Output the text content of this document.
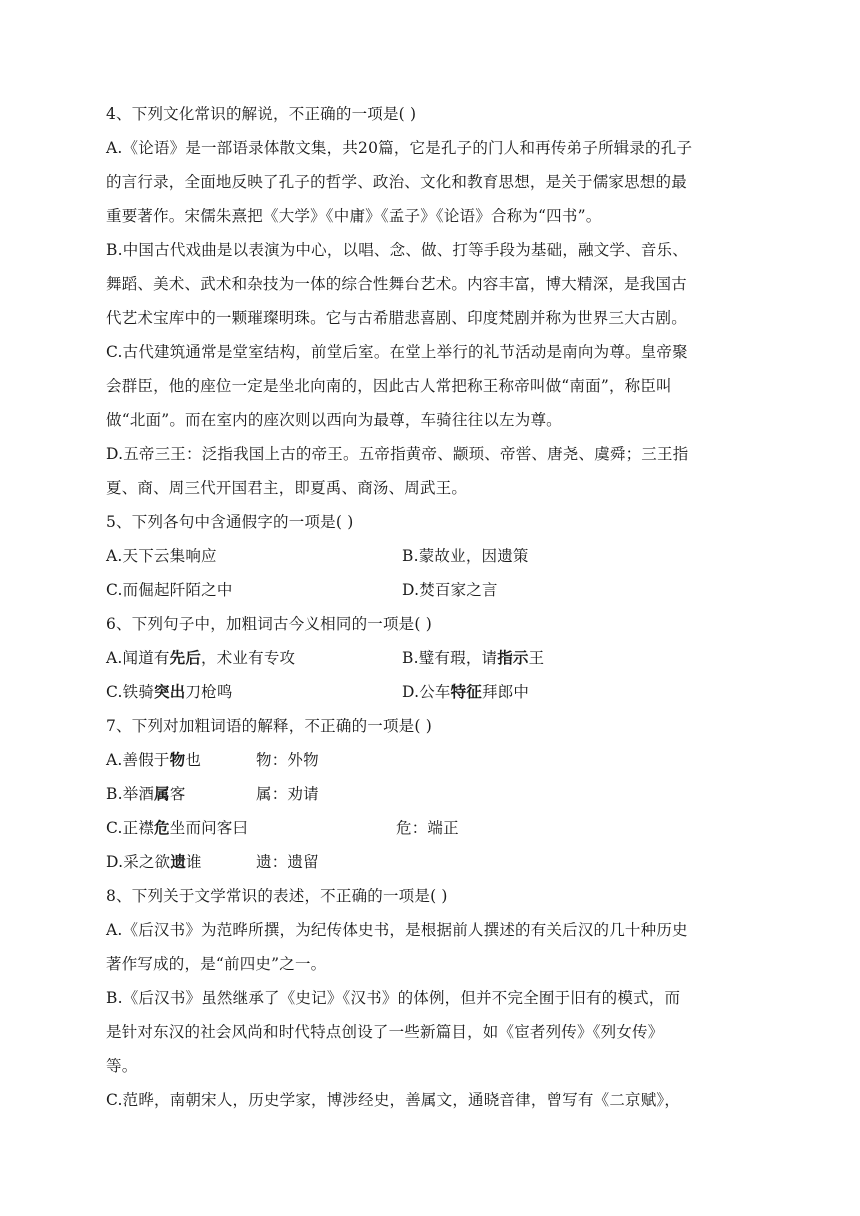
4、下列文化常识的解说，不正确的一项是( )
A.《论语》是一部语录体散文集，共20篇，它是孔子的门人和再传弟子所辑录的孔子
的言行录，全面地反映了孔子的哲学、政治、文化和教育思想，是关于儒家思想的最
重要著作。宋儒朱熹把《大学》《中庸》《孟子》《论语》合称为“四书”。
B.中国古代戏曲是以表演为中心，以唱、念、做、打等手段为基础，融文学、音乐、
舞蹈、美术、武术和杂技为一体的综合性舞台艺术。内容丰富，博大精深，是我国古
代艺术宝库中的一颗璀璨明珠。它与古希腊悲喜剧、印度梵剧并称为世界三大古剧。
C.古代建筑通常是堂室结构，前堂后室。在堂上举行的礼节活动是南向为尊。皇帝聚
会群臣，他的座位一定是坐北向南的，因此古人常把称王称帝叫做“南面”，称臣叫
做“北面”。而在室内的座次则以西向为最尊，车骑往往以左为尊。
D.五帝三王：泛指我国上古的帝王。五帝指黄帝、颛顼、帝喾、唐尧、虞舜；三王指
夏、商、周三代开国君主，即夏禹、商汤、周武王。
5、下列各句中含通假字的一项是( )
A.天下云集响应	B.蒙故业，因遗策
C.而倔起阡陌之中	D.焚百家之言
6、下列句子中，加粗词古今义相同的一项是( )
A.闻道有先后，术业有专攻	B.璧有瑕，请指示王
C.铁骑突出刀枪鸣	D.公车特征拜郎中
7、下列对加粗词语的解释，不正确的一项是( )
A.善假于物也	物：外物
B.举酒属客	属：劝请
C.正襟危坐而问客曰	危：端正
D.采之欲遗谁	遗：遗留
8、下列关于文学常识的表述，不正确的一项是( )
A.《后汉书》为范晔所撰，为纪传体史书，是根据前人撰述的有关后汉的几十种历史
著作写成的，是“前四史”之一。
B.《后汉书》虽然继承了《史记》《汉书》的体例，但并不完全囿于旧有的模式，而
是针对东汉的社会风尚和时代特点创设了一些新篇目，如《宦者列传》《列女传》
等。
C.范晔，南朝宋人，历史学家，博涉经史，善属文，通晓音律，曾写有《二京赋》，
